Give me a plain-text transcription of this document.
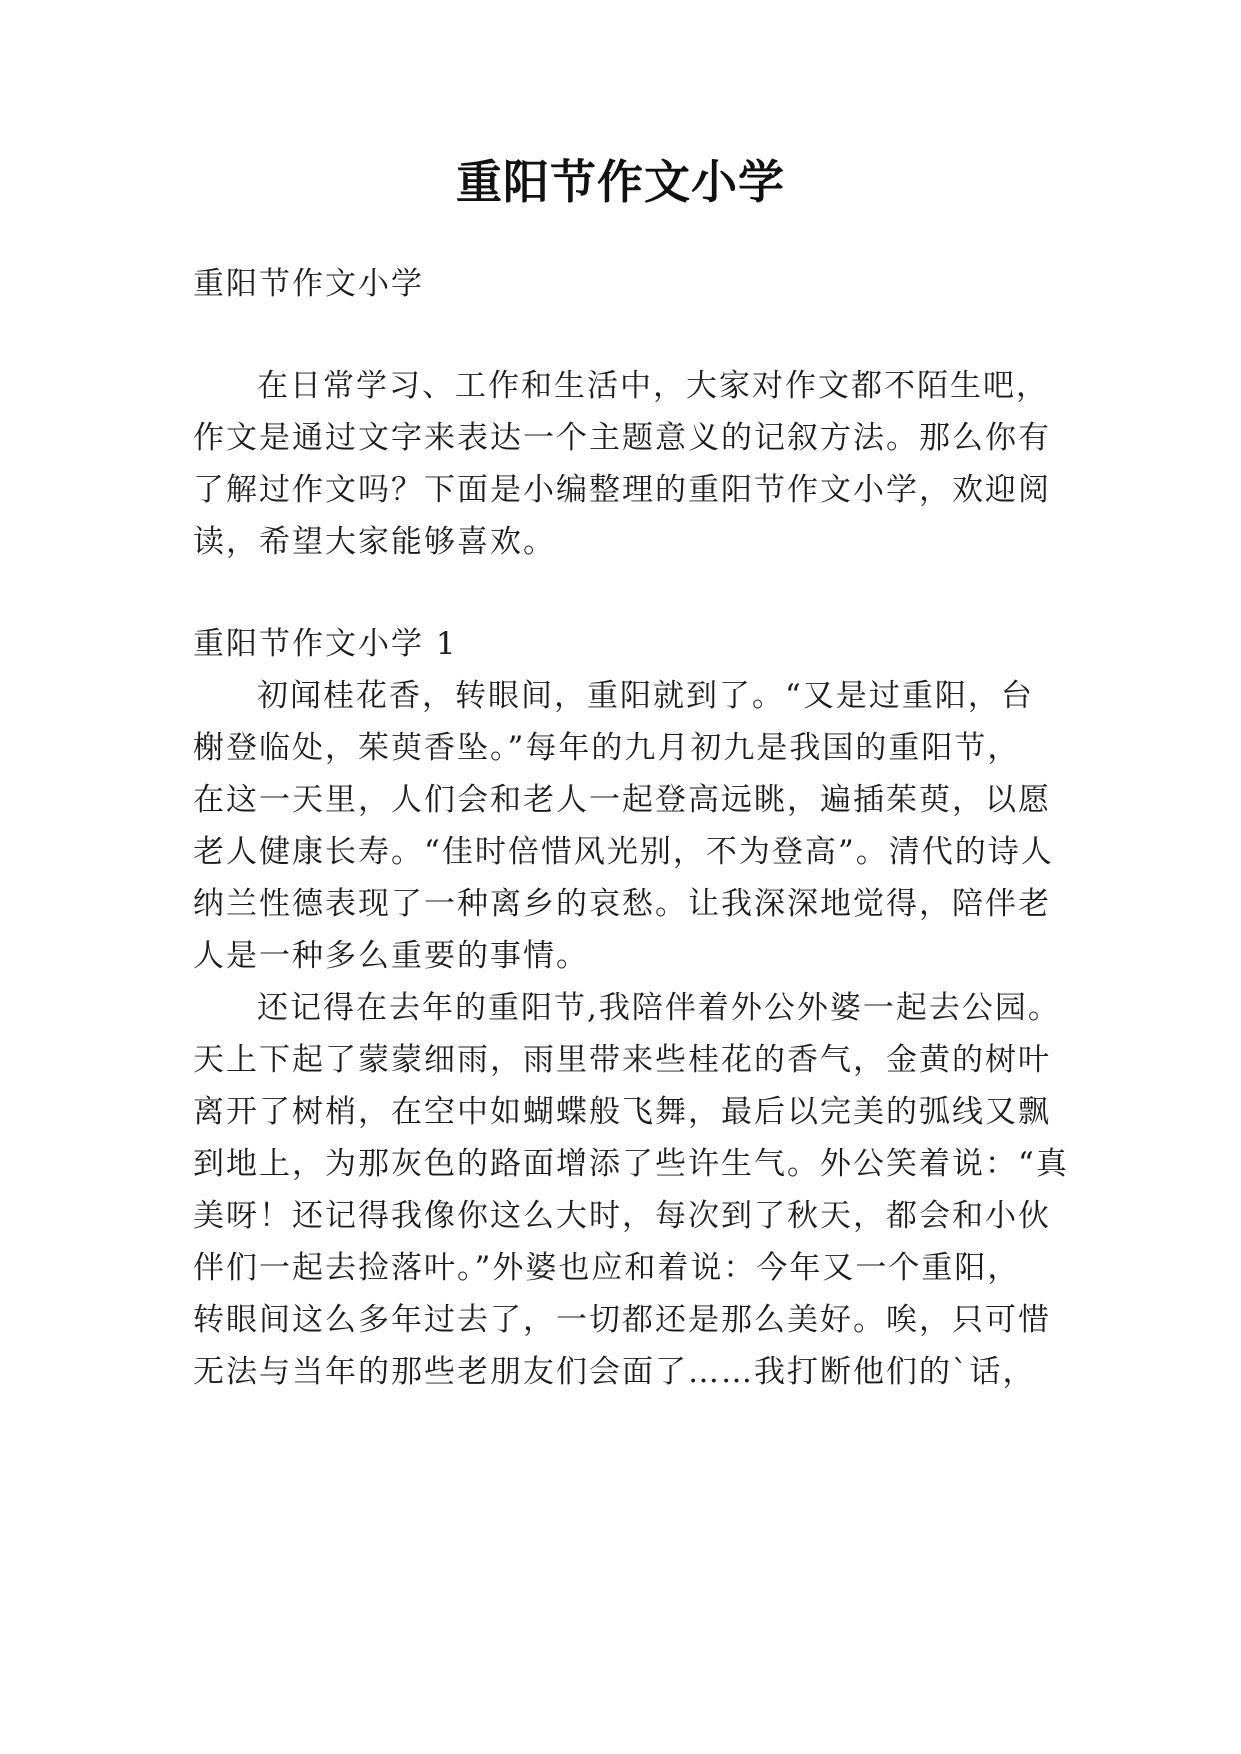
重阳节作文小学
重阳节作文小学
在日常学习、工作和生活中，大家对作文都不陌生吧，
作文是通过文字来表达一个主题意义的记叙方法。那么你有
了解过作文吗？下面是小编整理的重阳节作文小学，欢迎阅
读，希望大家能够喜欢。
重阳节作文小学 1
初闻桂花香，转眼间，重阳就到了。“又是过重阳，台
榭登临处，茱萸香坠。”每年的九月初九是我国的重阳节，
在这一天里，人们会和老人一起登高远眺，遍插茱萸，以愿
老人健康长寿。“佳时倍惜风光别，不为登高”。清代的诗人
纳兰性德表现了一种离乡的哀愁。让我深深地觉得，陪伴老
人是一种多么重要的事情。
还记得在去年的重阳节,我陪伴着外公外婆一起去公园。
天上下起了蒙蒙细雨，雨里带来些桂花的香气，金黄的树叶
离开了树梢，在空中如蝴蝶般飞舞，最后以完美的弧线又飘
到地上，为那灰色的路面增添了些许生气。外公笑着说：“真
美呀！还记得我像你这么大时，每次到了秋天，都会和小伙
伴们一起去捡落叶。”外婆也应和着说：今年又一个重阳，
转眼间这么多年过去了，一切都还是那么美好。唉，只可惜
无法与当年的那些老朋友们会面了……我打断他们的`话，
